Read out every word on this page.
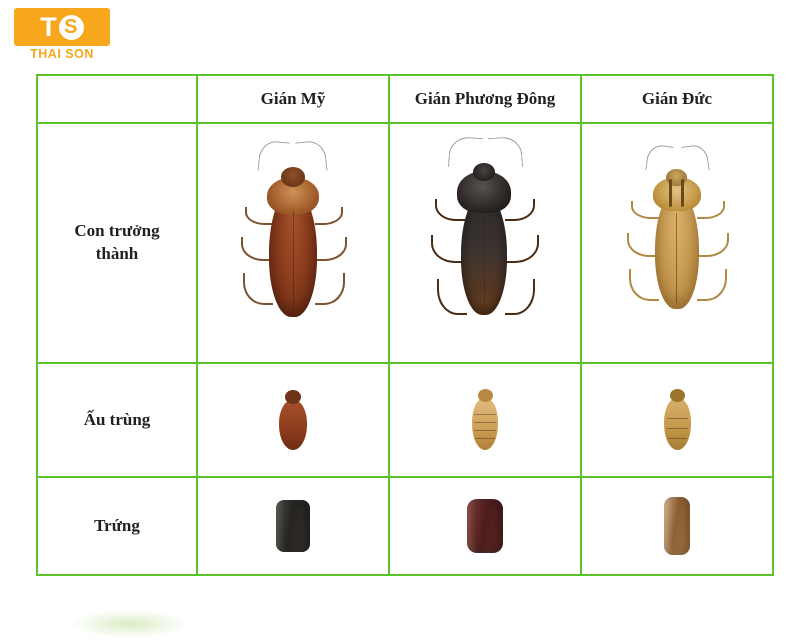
T S
THAI SON
	Gián Mỹ	Gián Phương Đông	Gián Đức

Con trưởng
thành			

Ấu trùng	

Trứng	
